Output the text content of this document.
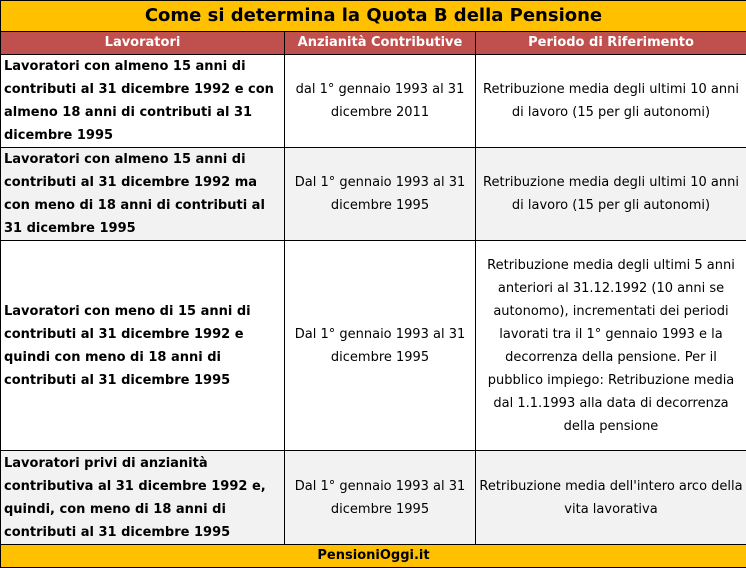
Come si determina la Quota B della Pensione		
Lavoratori	Anzianità Contributive	Periodo di Riferimento
Lavoratori con almeno 15 anni di contributi al 31 dicembre 1992 e con almeno 18 anni di contributi al 31 dicembre 1995	dal 1° gennaio 1993 al 31 dicembre 2011	Retribuzione media degli ultimi 10 anni di lavoro (15 per gli autonomi)
Lavoratori con almeno 15 anni di contributi al 31 dicembre 1992 ma con meno di 18 anni di contributi al 31 dicembre 1995	Dal 1° gennaio 1993 al 31 dicembre 1995	Retribuzione media degli ultimi 10 anni di lavoro (15 per gli autonomi)
Lavoratori con meno di 15 anni di contributi al 31 dicembre 1992 e quindi con meno di 18 anni di contributi al 31 dicembre 1995	Dal 1° gennaio 1993 al 31 dicembre 1995	Retribuzione media degli ultimi 5 anni anteriori al 31.12.1992 (10 anni se autonomo), incrementati dei periodi lavorati tra il 1° gennaio 1993 e la decorrenza della pensione. Per il pubblico impiego: Retribuzione media dal 1.1.1993 alla data di decorrenza della pensione
Lavoratori privi di anzianità contributiva al 31 dicembre 1992 e, quindi, con meno di 18 anni di contributi al 31 dicembre 1995	Dal 1° gennaio 1993 al 31 dicembre 1995	Retribuzione media dell'intero arco della vita lavorativa
PensioniOggi.it		
